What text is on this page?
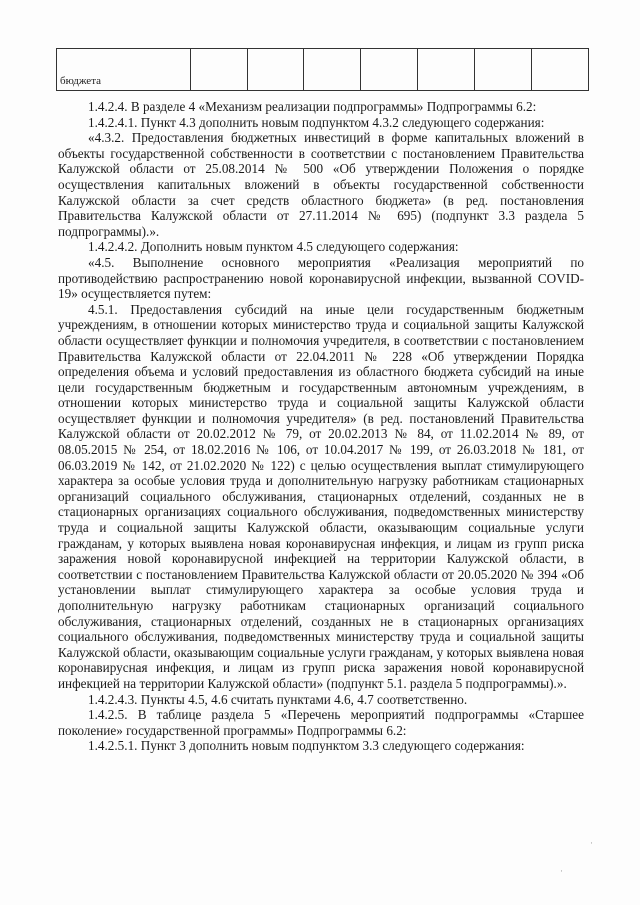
бюджета							

1.4.2.4. В разделе 4 «Механизм реализации подпрограммы» Подпрограммы 6.2:

1.4.2.4.1. Пункт 4.3 дополнить новым подпунктом 4.3.2 следующего содержания:

«4.3.2. Предоставления бюджетных инвестиций в форме капитальных вложений в объекты государственной собственности в соответствии с постановлением Правительства Калужской области от 25.08.2014 № 500 «Об утверждении Положения о порядке осуществления капитальных вложений в объекты государственной собственности Калужской области за счет средств областного бюджета» (в ред. постановления Правительства Калужской области от 27.11.2014 № 695) (подпункт 3.3 раздела 5 подпрограммы).».

1.4.2.4.2. Дополнить новым пунктом 4.5 следующего содержания:

«4.5. Выполнение основного мероприятия «Реализация мероприятий по противодействию распространению новой коронавирусной инфекции, вызванной COVID-19» осуществляется путем:

4.5.1. Предоставления субсидий на иные цели государственным бюджетным учреждениям, в отношении которых министерство труда и социальной защиты Калужской области осуществляет функции и полномочия учредителя, в соответствии с постановлением Правительства Калужской области от 22.04.2011 № 228 «Об утверждении Порядка определения объема и условий предоставления из областного бюджета субсидий на иные цели государственным бюджетным и государственным автономным учреждениям, в отношении которых министерство труда и социальной защиты Калужской области осуществляет функции и полномочия учредителя» (в ред. постановлений Правительства Калужской области от 20.02.2012 № 79, от 20.02.2013 № 84, от 11.02.2014 № 89, от 08.05.2015 № 254, от 18.02.2016 № 106, от 10.04.2017 № 199, от 26.03.2018 № 181, от 06.03.2019 № 142, от 21.02.2020 № 122) с целью осуществления выплат стимулирующего характера за особые условия труда и дополнительную нагрузку работникам стационарных организаций социального обслуживания, стационарных отделений, созданных не в стационарных организациях социального обслуживания, подведомственных министерству труда и социальной защиты Калужской области, оказывающим социальные услуги гражданам, у которых выявлена новая коронавирусная инфекция, и лицам из групп риска заражения новой коронавирусной инфекцией на территории Калужской области, в соответствии с постановлением Правительства Калужской области от 20.05.2020 № 394 «Об установлении выплат стимулирующего характера за особые условия труда и дополнительную нагрузку работникам стационарных организаций социального обслуживания, стационарных отделений, созданных не в стационарных организациях социального обслуживания, подведомственных министерству труда и социальной защиты Калужской области, оказывающим социальные услуги гражданам, у которых выявлена новая коронавирусная инфекция, и лицам из групп риска заражения новой коронавирусной инфекцией на территории Калужской области» (подпункт 5.1. раздела 5 подпрограммы).».

1.4.2.4.3. Пункты 4.5, 4.6 считать пунктами 4.6, 4.7 соответственно.

1.4.2.5. В таблице раздела 5 «Перечень мероприятий подпрограммы «Старшее поколение» государственной программы» Подпрограммы 6.2:

1.4.2.5.1. Пункт 3 дополнить новым подпунктом 3.3 следующего содержания:

·
·
